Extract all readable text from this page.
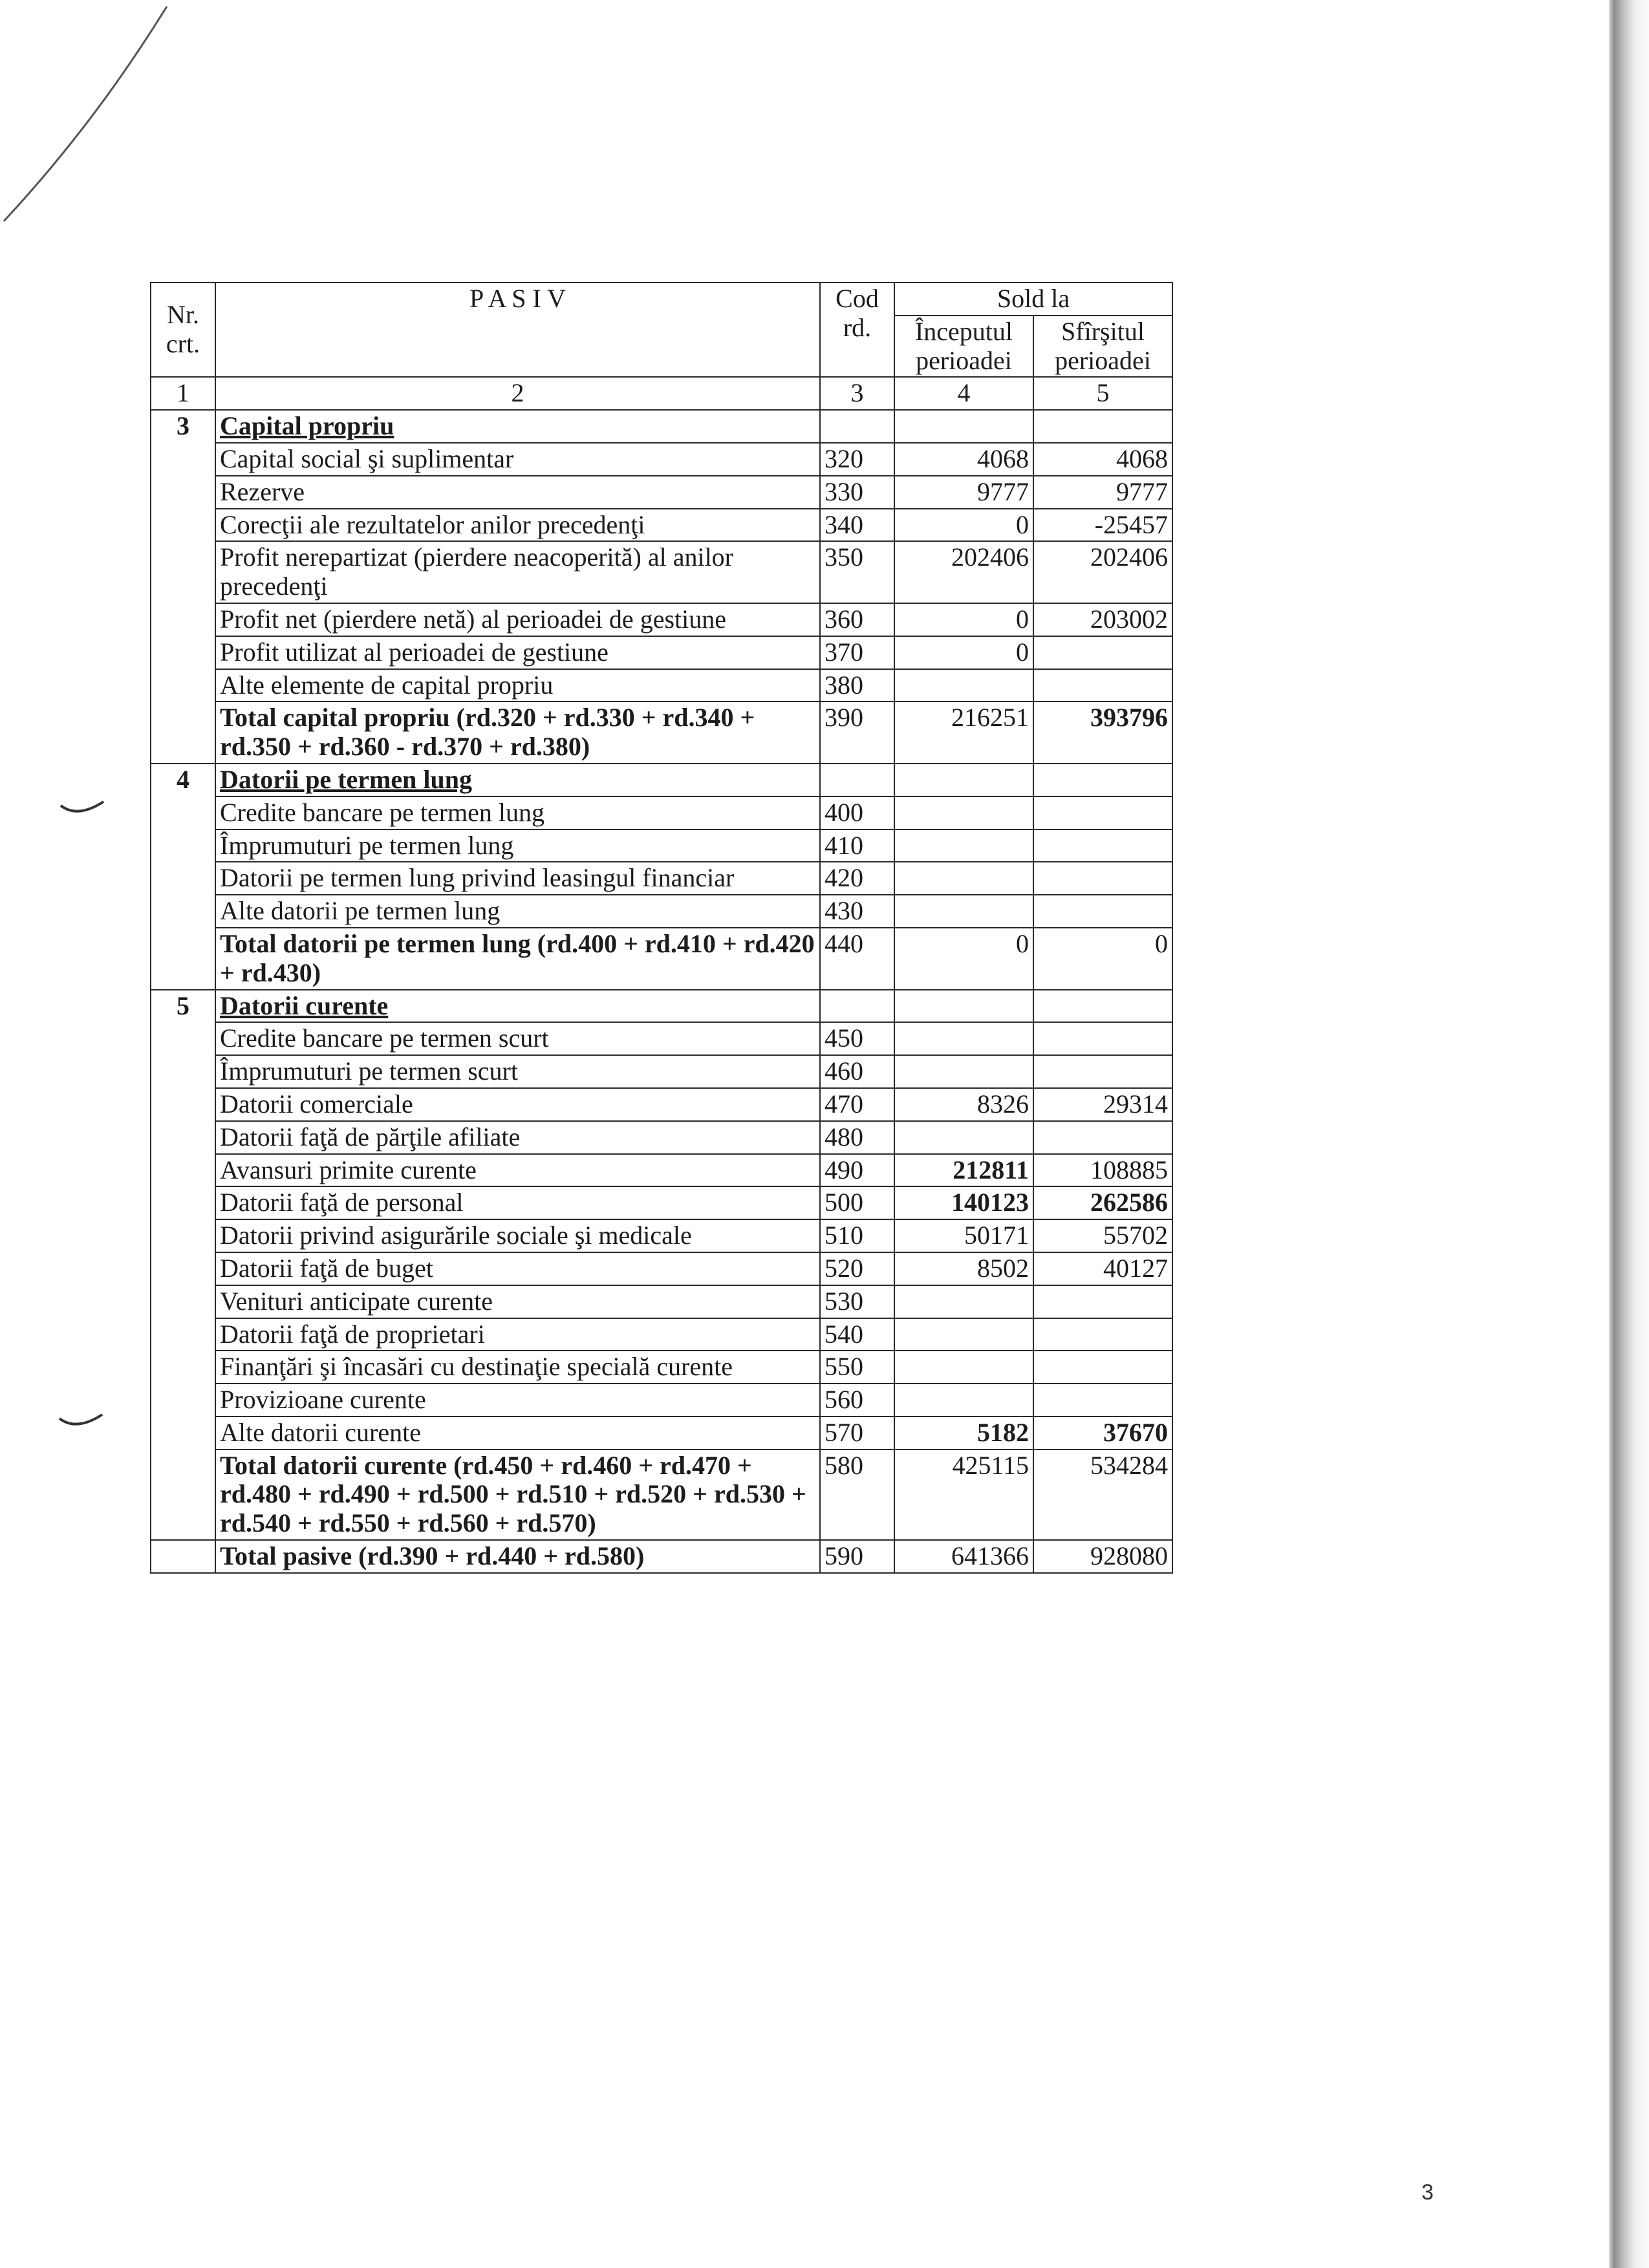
Nr. crt.	P A S I V	Cod rd.	Sold la	
			Începutul perioadei	Sfîrşitul perioadei
1	2	3	4	5
3	Capital propriu			
	Capital social şi suplimentar	320	4068	4068
	Rezerve	330	9777	9777
	Corecţii ale rezultatelor anilor precedenţi	340	0	-25457
	Profit nerepartizat (pierdere neacoperită) al anilor precedenţi	350	202406	202406
	Profit net (pierdere netă) al perioadei de gestiune	360	0	203002
	Profit utilizat al perioadei de gestiune	370	0	
	Alte elemente de capital propriu	380		
	Total capital propriu (rd.320 + rd.330 + rd.340 + rd.350 + rd.360 - rd.370 + rd.380)	390	216251	393796
4	Datorii pe termen lung			
	Credite bancare pe termen lung	400		
	Împrumuturi pe termen lung	410		
	Datorii pe termen lung privind leasingul financiar	420		
	Alte datorii pe termen lung	430		
	Total datorii pe termen lung (rd.400 + rd.410 + rd.420 + rd.430)	440	0	0
5	Datorii curente			
	Credite bancare pe termen scurt	450		
	Împrumuturi pe termen scurt	460		
	Datorii comerciale	470	8326	29314
	Datorii faţă de părţile afiliate	480		
	Avansuri primite curente	490	212811	108885
	Datorii faţă de personal	500	140123	262586
	Datorii privind asigurările sociale şi medicale	510	50171	55702
	Datorii faţă de buget	520	8502	40127
	Venituri anticipate curente	530		
	Datorii faţă de proprietari	540		
	Finanţări şi încasări cu destinaţie specială curente	550		
	Provizioane curente	560		
	Alte datorii curente	570	5182	37670
	Total datorii curente (rd.450 + rd.460 + rd.470 + rd.480 + rd.490 + rd.500 + rd.510 + rd.520 + rd.530 + rd.540 + rd.550 + rd.560 + rd.570)	580	425115	534284
	Total pasive (rd.390 + rd.440 + rd.580)	590	641366	928080
3
